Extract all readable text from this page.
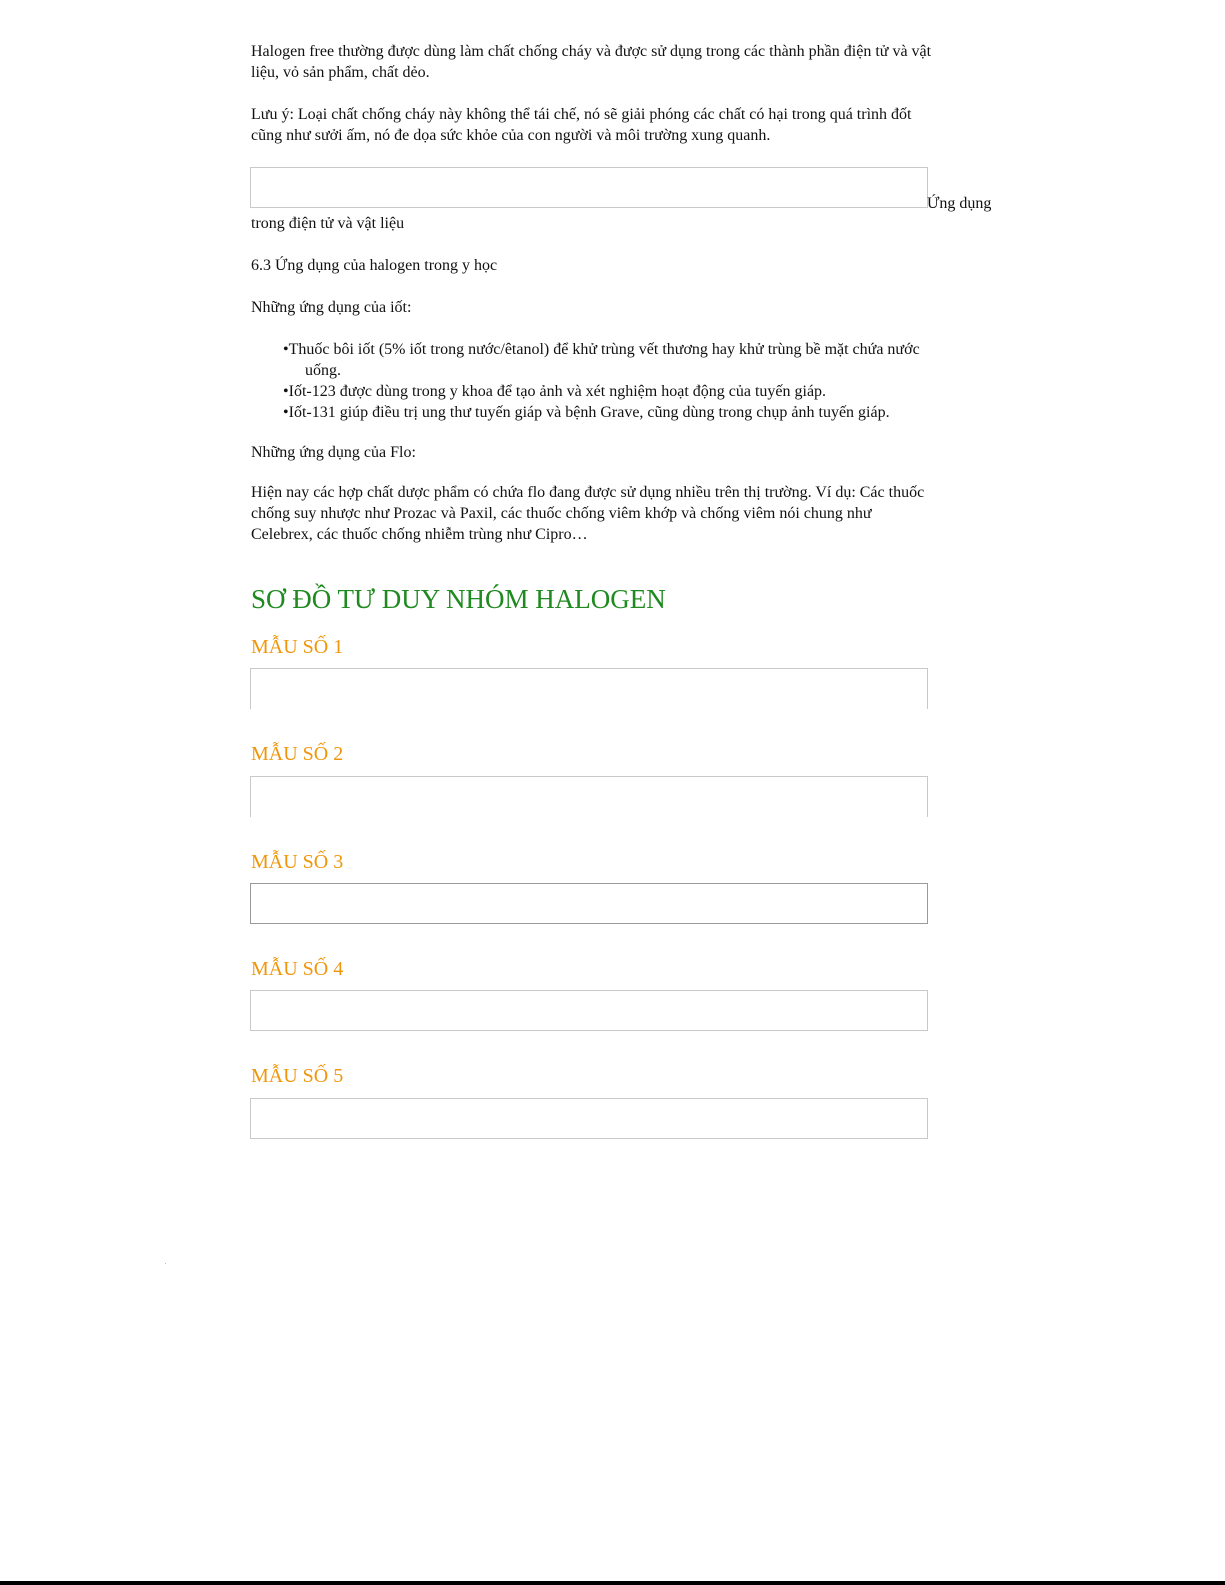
Halogen free thường được dùng làm chất chống cháy và được sử dụng trong các thành phần điện tử và vật
liệu, vỏ sản phẩm, chất dẻo.

Lưu ý: Loại chất chống cháy này không thể tái chế, nó sẽ giải phóng các chất có hại trong quá trình đốt
cũng như sưởi ấm, nó đe dọa sức khỏe của con người và môi trường xung quanh.

Ứng dụng

trong điện tử và vật liệu

6.3 Ứng dụng của halogen trong y học

Những ứng dụng của iốt:

•Thuốc bôi iốt (5% iốt trong nước/êtanol) để khử trùng vết thương hay khử trùng bề mặt chứa nước
uống.
•Iốt-123 được dùng trong y khoa để tạo ảnh và xét nghiệm hoạt động của tuyến giáp.
•Iốt-131 giúp điều trị ung thư tuyến giáp và bệnh Grave, cũng dùng trong chụp ảnh tuyến giáp.

Những ứng dụng của Flo:

Hiện nay các hợp chất dược phẩm có chứa flo đang được sử dụng nhiều trên thị trường. Ví dụ: Các thuốc
chống suy nhược như Prozac và Paxil, các thuốc chống viêm khớp và chống viêm nói chung như
Celebrex, các thuốc chống nhiễm trùng như Cipro…

SƠ ĐỒ TƯ DUY NHÓM HALOGEN
MẪU SỐ 1
MẪU SỐ 2
MẪU SỐ 3
MẪU SỐ 4
MẪU SỐ 5
